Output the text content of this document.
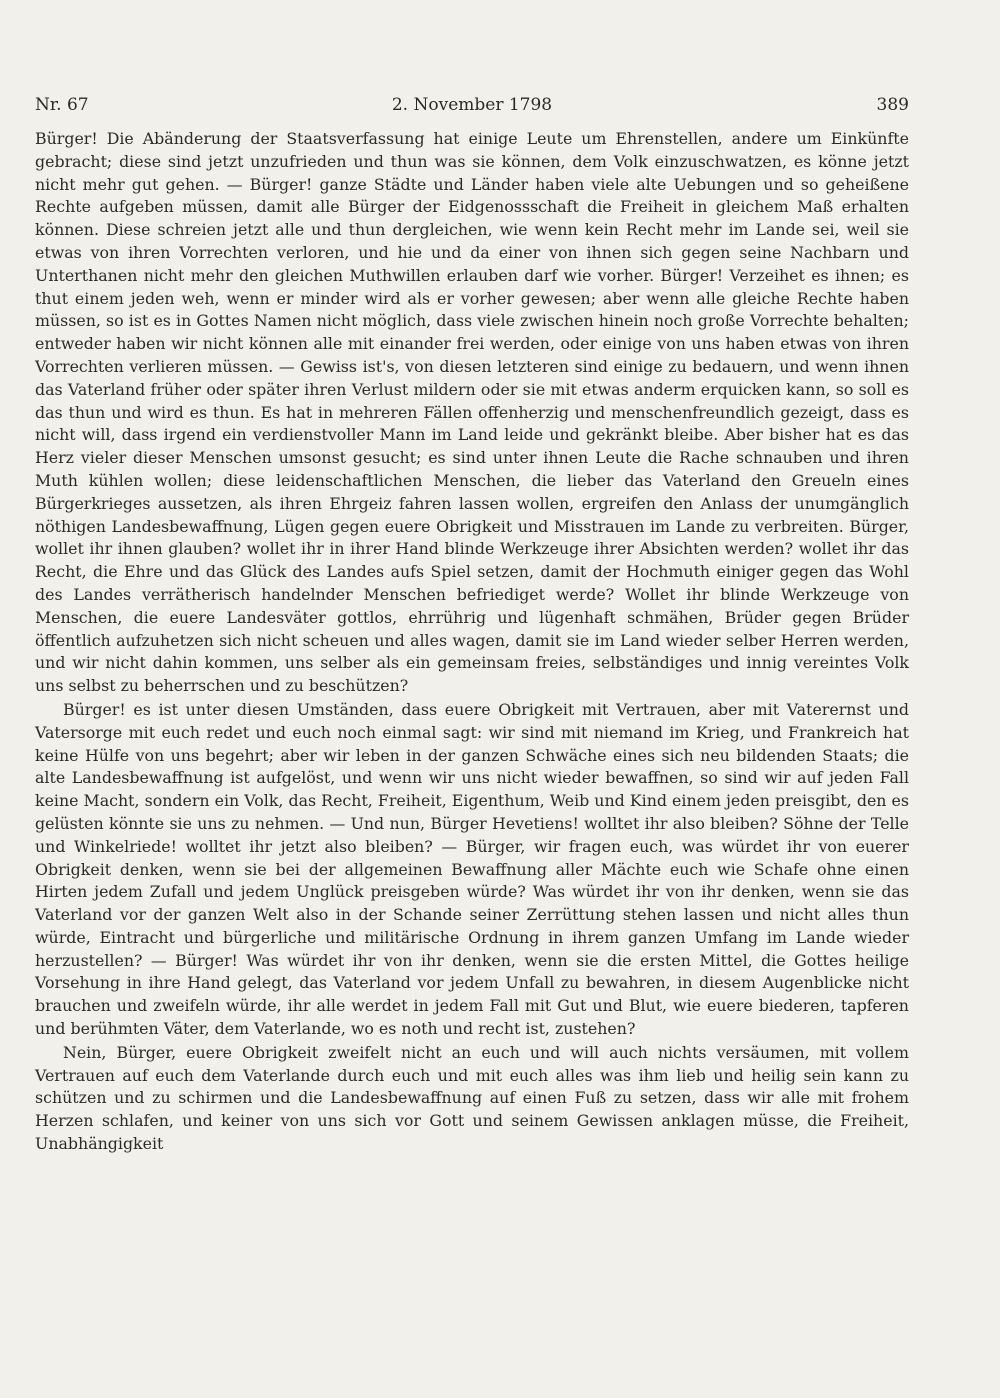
Nr. 67	2. November 1798	389

Bürger! Die Abänderung der Staatsverfassung hat einige Leute um Ehrenstellen, andere um Einkünfte gebracht; diese sind jetzt unzufrieden und thun was sie können, dem Volk einzuschwatzen, es könne jetzt nicht mehr gut gehen. — Bürger! ganze Städte und Länder haben viele alte Uebungen und so geheißene Rechte aufgeben müssen, damit alle Bürger der Eidgenossschaft die Freiheit in gleichem Maß erhalten können. Diese schreien jetzt alle und thun dergleichen, wie wenn kein Recht mehr im Lande sei, weil sie etwas von ihren Vorrechten verloren, und hie und da einer von ihnen sich gegen seine Nachbarn und Unterthanen nicht mehr den gleichen Muthwillen erlauben darf wie vorher. Bürger! Verzeihet es ihnen; es thut einem jeden weh, wenn er minder wird als er vorher gewesen; aber wenn alle gleiche Rechte haben müssen, so ist es in Gottes Namen nicht möglich, dass viele zwischen hinein noch große Vorrechte behalten; entweder haben wir nicht können alle mit einander frei werden, oder einige von uns haben etwas von ihren Vorrechten verlieren müssen. — Gewiss ist's, von diesen letzteren sind einige zu bedauern, und wenn ihnen das Vaterland früher oder später ihren Verlust mildern oder sie mit etwas anderm erquicken kann, so soll es das thun und wird es thun. Es hat in mehreren Fällen offenherzig und menschenfreundlich gezeigt, dass es nicht will, dass irgend ein verdienstvoller Mann im Land leide und gekränkt bleibe. Aber bisher hat es das Herz vieler dieser Menschen umsonst gesucht; es sind unter ihnen Leute die Rache schnauben und ihren Muth kühlen wollen; diese leidenschaftlichen Menschen, die lieber das Vaterland den Greueln eines Bürgerkrieges aussetzen, als ihren Ehrgeiz fahren lassen wollen, ergreifen den Anlass der unumgänglich nöthigen Landesbewaffnung, Lügen gegen euere Obrigkeit und Misstrauen im Lande zu verbreiten. Bürger, wollet ihr ihnen glauben? wollet ihr in ihrer Hand blinde Werkzeuge ihrer Absichten werden? wollet ihr das Recht, die Ehre und das Glück des Landes aufs Spiel setzen, damit der Hochmuth einiger gegen das Wohl des Landes verrätherisch handelnder Menschen befriediget werde? Wollet ihr blinde Werkzeuge von Menschen, die euere Landesväter gottlos, ehrrührig und lügenhaft schmähen, Brüder gegen Brüder öffentlich aufzuhetzen sich nicht scheuen und alles wagen, damit sie im Land wieder selber Herren werden, und wir nicht dahin kommen, uns selber als ein gemeinsam freies, selbständiges und innig vereintes Volk uns selbst zu beherrschen und zu beschützen?

Bürger! es ist unter diesen Umständen, dass euere Obrigkeit mit Vertrauen, aber mit Vaterernst und Vatersorge mit euch redet und euch noch einmal sagt: wir sind mit niemand im Krieg, und Frankreich hat keine Hülfe von uns begehrt; aber wir leben in der ganzen Schwäche eines sich neu bildenden Staats; die alte Landesbewaffnung ist aufgelöst, und wenn wir uns nicht wieder bewaffnen, so sind wir auf jeden Fall keine Macht, sondern ein Volk, das Recht, Freiheit, Eigenthum, Weib und Kind einem jeden preisgibt, den es gelüsten könnte sie uns zu nehmen. — Und nun, Bürger Hevetiens! wolltet ihr also bleiben? Söhne der Telle und Winkelriede! wolltet ihr jetzt also bleiben? — Bürger, wir fragen euch, was würdet ihr von euerer Obrigkeit denken, wenn sie bei der allgemeinen Bewaffnung aller Mächte euch wie Schafe ohne einen Hirten jedem Zufall und jedem Unglück preisgeben würde? Was würdet ihr von ihr denken, wenn sie das Vaterland vor der ganzen Welt also in der Schande seiner Zerrüttung stehen lassen und nicht alles thun würde, Eintracht und bürgerliche und militärische Ordnung in ihrem ganzen Umfang im Lande wieder herzustellen? — Bürger! Was würdet ihr von ihr denken, wenn sie die ersten Mittel, die Gottes heilige Vorsehung in ihre Hand gelegt, das Vaterland vor jedem Unfall zu bewahren, in diesem Augenblicke nicht brauchen und zweifeln würde, ihr alle werdet in jedem Fall mit Gut und Blut, wie euere biederen, tapferen und berühmten Väter, dem Vaterlande, wo es noth und recht ist, zustehen?

Nein, Bürger, euere Obrigkeit zweifelt nicht an euch und will auch nichts versäumen, mit vollem Vertrauen auf euch dem Vaterlande durch euch und mit euch alles was ihm lieb und heilig sein kann zu schützen und zu schirmen und die Landesbewaffnung auf einen Fuß zu setzen, dass wir alle mit frohem Herzen schlafen, und keiner von uns sich vor Gott und seinem Gewissen anklagen müsse, die Freiheit, Unabhängigkeit
